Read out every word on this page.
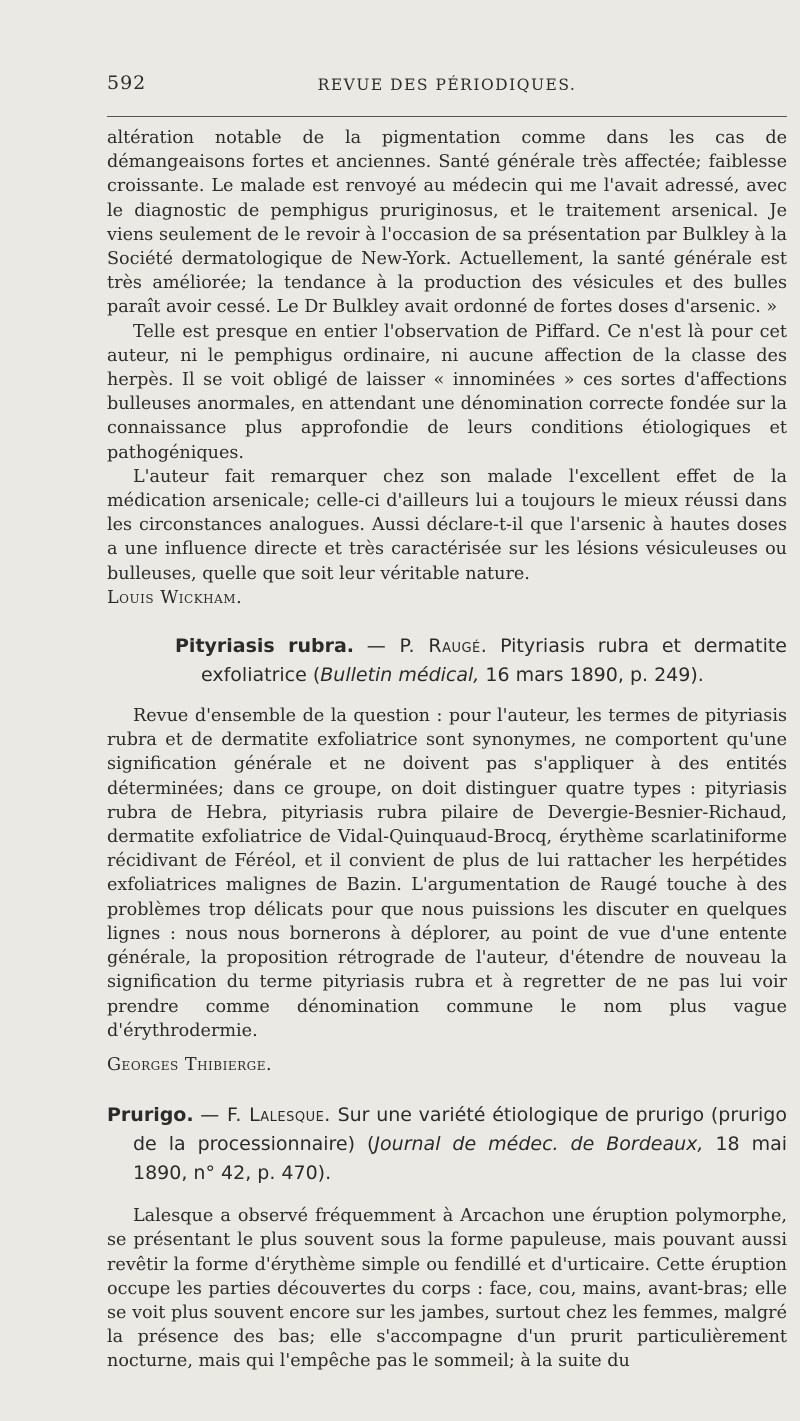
592	REVUE DES PÉRIODIQUES.

altération notable de la pigmentation comme dans les cas de démangeaisons fortes et anciennes. Santé générale très affectée; faiblesse croissante. Le malade est renvoyé au médecin qui me l'avait adressé, avec le diagnostic de pemphigus pruriginosus, et le traitement arsenical. Je viens seulement de le revoir à l'occasion de sa présentation par Bulkley à la Société dermatologique de New-York. Actuellement, la santé générale est très améliorée; la tendance à la production des vésicules et des bulles paraît avoir cessé. Le Dr Bulkley avait ordonné de fortes doses d'arsenic. »

Telle est presque en entier l'observation de Piffard. Ce n'est là pour cet auteur, ni le pemphigus ordinaire, ni aucune affection de la classe des herpès. Il se voit obligé de laisser « innominées » ces sortes d'affections bulleuses anormales, en attendant une dénomination correcte fondée sur la connaissance plus approfondie de leurs conditions étiologiques et pathogéniques.

L'auteur fait remarquer chez son malade l'excellent effet de la médication arsenicale; celle-ci d'ailleurs lui a toujours le mieux réussi dans les circonstances analogues. Aussi déclare-t-il que l'arsenic à hautes doses a une influence directe et très caractérisée sur les lésions vésiculeuses ou bulleuses, quelle que soit leur véritable nature.

Louis Wickham.

Pityriasis rubra. — P. Raugé. Pityriasis rubra et dermatite exfoliatrice (Bulletin médical, 16 mars 1890, p. 249).

Revue d'ensemble de la question : pour l'auteur, les termes de pityriasis rubra et de dermatite exfoliatrice sont synonymes, ne comportent qu'une signification générale et ne doivent pas s'appliquer à des entités déterminées; dans ce groupe, on doit distinguer quatre types : pityriasis rubra de Hebra, pityriasis rubra pilaire de Devergie-Besnier-Richaud, dermatite exfoliatrice de Vidal-Quinquaud-Brocq, érythème scarlatiniforme récidivant de Féréol, et il convient de plus de lui rattacher les herpétides exfoliatrices malignes de Bazin. L'argumentation de Raugé touche à des problèmes trop délicats pour que nous puissions les discuter en quelques lignes : nous nous bornerons à déplorer, au point de vue d'une entente générale, la proposition rétrograde de l'auteur, d'étendre de nouveau la signification du terme pityriasis rubra et à regretter de ne pas lui voir prendre comme dénomination commune le nom plus vague d'érythrodermie.

Georges Thibierge.

Prurigo. — F. Lalesque. Sur une variété étiologique de prurigo (prurigo de la processionnaire) (Journal de médec. de Bordeaux, 18 mai 1890, n° 42, p. 470).

Lalesque a observé fréquemment à Arcachon une éruption polymorphe, se présentant le plus souvent sous la forme papuleuse, mais pouvant aussi revêtir la forme d'érythème simple ou fendillé et d'urticaire. Cette éruption occupe les parties découvertes du corps : face, cou, mains, avant-bras; elle se voit plus souvent encore sur les jambes, surtout chez les femmes, malgré la présence des bas; elle s'accompagne d'un prurit particulièrement nocturne, mais qui l'empêche pas le sommeil; à la suite du
